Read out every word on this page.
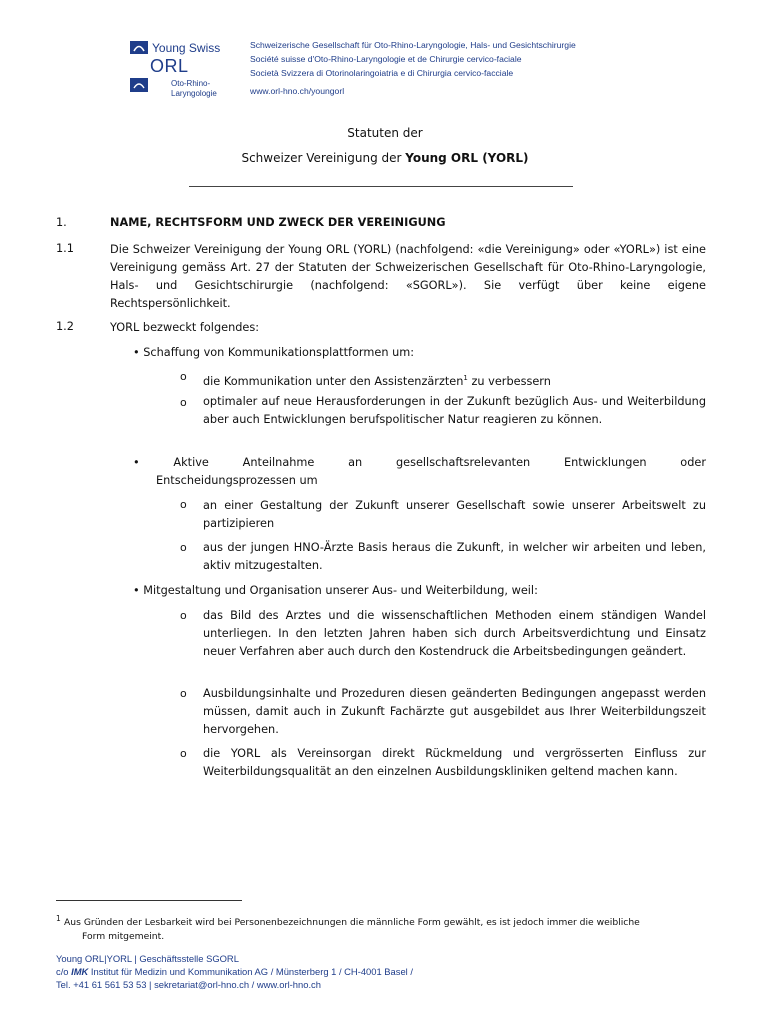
Young Swiss
ORL
Oto-Rhino-
Laryngologie
Schweizerische Gesellschaft für Oto-Rhino-Laryngologie, Hals- und Gesichtschirurgie
Société suisse d'Oto-Rhino-Laryngologie et de Chirurgie cervico-faciale
Società Svizzera di Otorinolaringoiatria e di Chirurgia cervico-facciale
www.orl-hno.ch/youngorl
Statuten der
Schweizer Vereinigung der Young ORL (YORL)
1.	NAME, RECHTSFORM UND ZWECK DER VEREINIGUNG
1.1	Die Schweizer Vereinigung der Young ORL (YORL) (nachfolgend: «die Vereinigung» oder «YORL») ist eine Vereinigung gemäss Art. 27 der Statuten der Schweizerischen Gesellschaft für Oto-Rhino-Laryngologie, Hals- und Gesichtschirurgie (nachfolgend: «SGORL»). Sie verfügt über keine eigene Rechtspersönlichkeit.
1.2	YORL bezweckt folgendes:
• Schaffung von Kommunikationsplattformen um:
o die Kommunikation unter den Assistenzärzten$^1$ zu verbessern
o optimaler auf neue Herausforderungen in der Zukunft bezüglich Aus- und Weiterbildung aber auch Entwicklungen berufspolitischer Natur reagieren zu können.
• Aktive Anteilnahme an gesellschaftsrelevanten Entwicklungen oder
Entscheidungsprozessen um
o an einer Gestaltung der Zukunft unserer Gesellschaft sowie unserer Arbeitswelt zu partizipieren
o aus der jungen HNO-Ärzte Basis heraus die Zukunft, in welcher wir arbeiten und leben, aktiv mitzugestalten.
• Mitgestaltung und Organisation unserer Aus- und Weiterbildung, weil:
o das Bild des Arztes und die wissenschaftlichen Methoden einem ständigen Wandel unterliegen. In den letzten Jahren haben sich durch Arbeitsverdichtung und Einsatz neuer Verfahren aber auch durch den Kostendruck die Arbeitsbedingungen geändert.
o Ausbildungsinhalte und Prozeduren diesen geänderten Bedingungen angepasst werden müssen, damit auch in Zukunft Fachärzte gut ausgebildet aus Ihrer Weiterbildungszeit hervorgehen.
o die YORL als Vereinsorgan direkt Rückmeldung und vergrösserten Einfluss zur Weiterbildungsqualität an den einzelnen Ausbildungskliniken geltend machen kann.
1 Aus Gründen der Lesbarkeit wird bei Personenbezeichnungen die männliche Form gewählt, es ist jedoch immer die weibliche
Form mitgemeint.
Young ORL|YORL | Geschäftsstelle SGORL
c/o IMK Institut für Medizin und Kommunikation AG / Münsterberg 1 / CH-4001 Basel /
Tel. +41 61 561 53 53 | sekretariat@orl-hno.ch / www.orl-hno.ch
